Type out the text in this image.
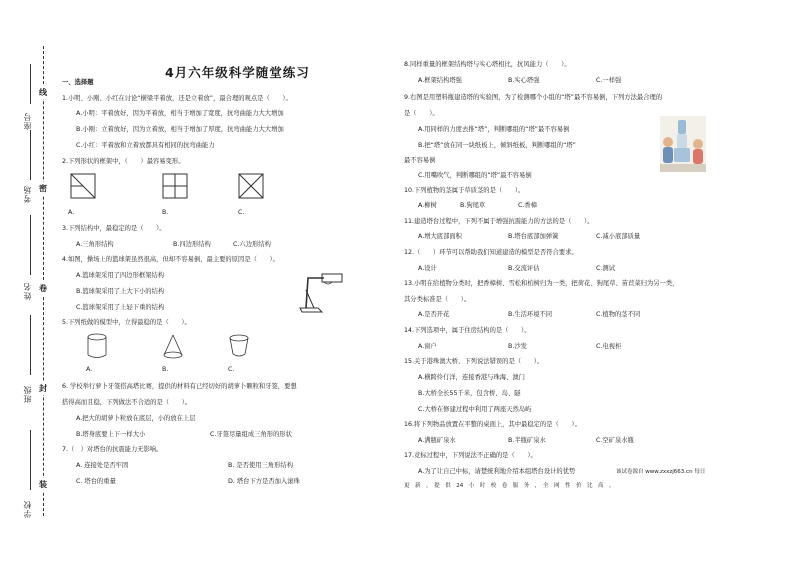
座号
考场
姓名
班级
学校
线
密
卷
封
装
4月六年级科学随堂练习
一、选择题
1.小明、小刚、小红在讨论“横梁平着放，还是立着放”，最合理的观点是（　　）。
A.小明：平着放好，因为平着放，相当于增加了宽度，抗弯曲能力大大增加
B.小刚：立着放好，因为立着放，相当于增加了厚度，抗弯曲能力大大增加
C.小红：平着放和立着放都具有相同的抗弯曲能力
2.下列形状的框架中，（　　）最容易变形。
A.	B.	C.
3.下列结构中，最稳定的是（　　）。
A.三角形结构	B.四边形结构	C.六边形结构
4.如图，操场上的篮球架虽然很高，但却不容易倒，最主要的原因是（　　）。
A.篮球架采用了四边形框架结构
B.篮球架采用了上大下小的结构
C.篮球架采用了上轻下重的结构
5.下列纸做的模型中，立得最稳的是（　　）。
A.	B.	C.
6. 学校举行萝卜牙签搭高塔比赛，提供的材料有已经切好的胡萝卜颗粒和牙签，要想
搭得高而且稳，下列做法不合适的是（　　）。
A.把大的胡萝卜粒放在底层，小的放在上层
B.塔身底要上下一样大小	C.牙签尽量组成三角形的形状
7.（　）对塔台的抗震能力无影响。
A. 连接处是否牢固	B. 是否使用三角形结构
C. 塔台的重量	D. 塔台下方是否加入滚珠
8.同样重量的框架结构塔与实心塔相比，抗风能力（　　）。
A.框架结构塔强	B.实心塔强	C.一样强
9.右图是用塑料瓶建造塔的实验图，为了检测哪个小组的“塔”最不容易倒，下列方法最合理的
是（　　）。
A.用同样的力度去推“塔”，判断哪组的“塔”最不容易倒
B.把“塔”放在同一块纸板上，倾斜纸板，判断哪组的“塔”
最不容易倒
C.用嘴吹气，判断哪组的“塔”最不容易倒
10.下列植物的茎属于草质茎的是（　　）。
A.柳树	B.狗尾草	C.香樟
11.建造塔台过程中，下列不属于增强抗震能力的方法的是（　　）。
A.增大底部面积	B.塔台底部加弹簧	C.减小底部质量
12.（　　）环节可以帮助我们知道建造的模型是否符合要求。
A.设计	B.交流评估	C.测试
13.小明在给植物分类时，把香樟树、雪松和柏树归为一类，把荷花、狗尾草、苗苣菜归为另一类，
其分类标准是（　　）。
A.是否开花	B.生活环境不同	C.植物的茎不同
14.下列选项中，属于住房结构的是（　　）。
A.窗户	B.沙发	C.电视柜
15.关于港珠澳大桥，下列说法错误的是（　　）。
A.横跨伶仃洋，连接香港与珠海、澳门
B.大桥全长55千米，包含桥、岛、隧
C.大桥在修建过程中利用了两座天然岛屿
16.将下列物品放置在平整的桌面上，其中最稳定的是（　　）。
A.满瓶矿泉水	B.半瓶矿泉水	C.空矿泉水瓶
17.竞标过程中，下列说法不正确的是（　　）。
A.为了让自己中标，请楚统利地介绍本组塔台设计的优势	该试卷源自 www.zxxzj663.cn 每日
更　新　，　提　供　24　小　时　校　卷　服　务　，　全　网　性　价　比　高　。
